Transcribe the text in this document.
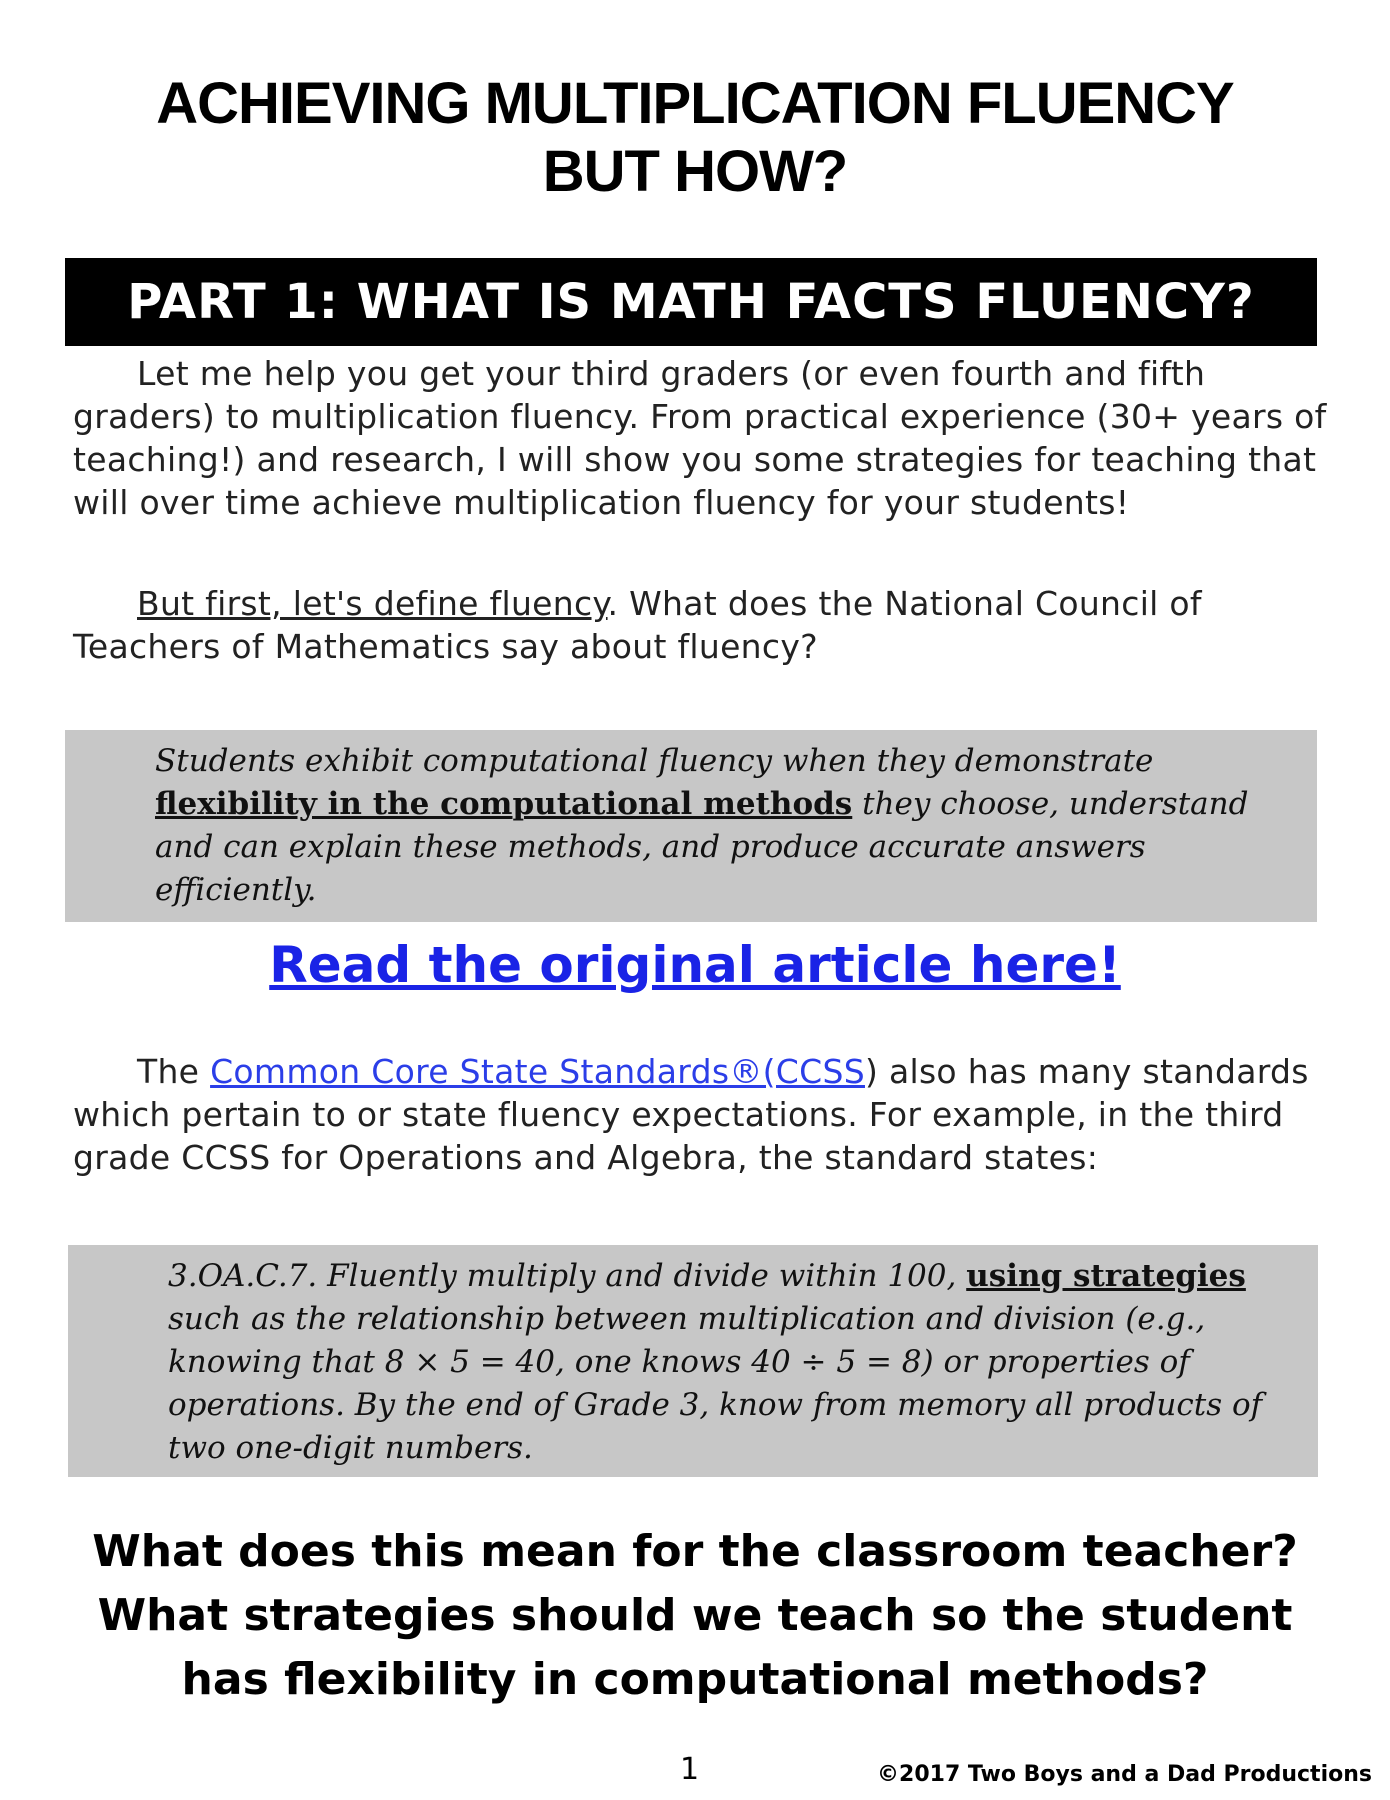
ACHIEVING MULTIPLICATION FLUENCY
BUT HOW?
PART 1: WHAT IS MATH FACTS FLUENCY?
Let me help you get your third graders (or even fourth and fifth graders) to multiplication fluency. From practical experience (30+ years of teaching!) and research, I will show you some strategies for teaching that will over time achieve multiplication fluency for your students!
But first, let's define fluency. What does the National Council of Teachers of Mathematics say about fluency?
Students exhibit computational fluency when they demonstrate flexibility in the computational methods they choose, understand and can explain these methods, and produce accurate answers efficiently.
Read the original article here!
The Common Core State Standards®(CCSS) also has many standards which pertain to or state fluency expectations. For example, in the third grade CCSS for Operations and Algebra, the standard states:
3.OA.C.7. Fluently multiply and divide within 100, using strategies such as the relationship between multiplication and division (e.g., knowing that 8 × 5 = 40, one knows 40 ÷ 5 = 8) or properties of operations. By the end of Grade 3, know from memory all products of two one-digit numbers.
What does this mean for the classroom teacher?
What strategies should we teach so the student
has flexibility in computational methods?
1	©2017 Two Boys and a Dad Productions
